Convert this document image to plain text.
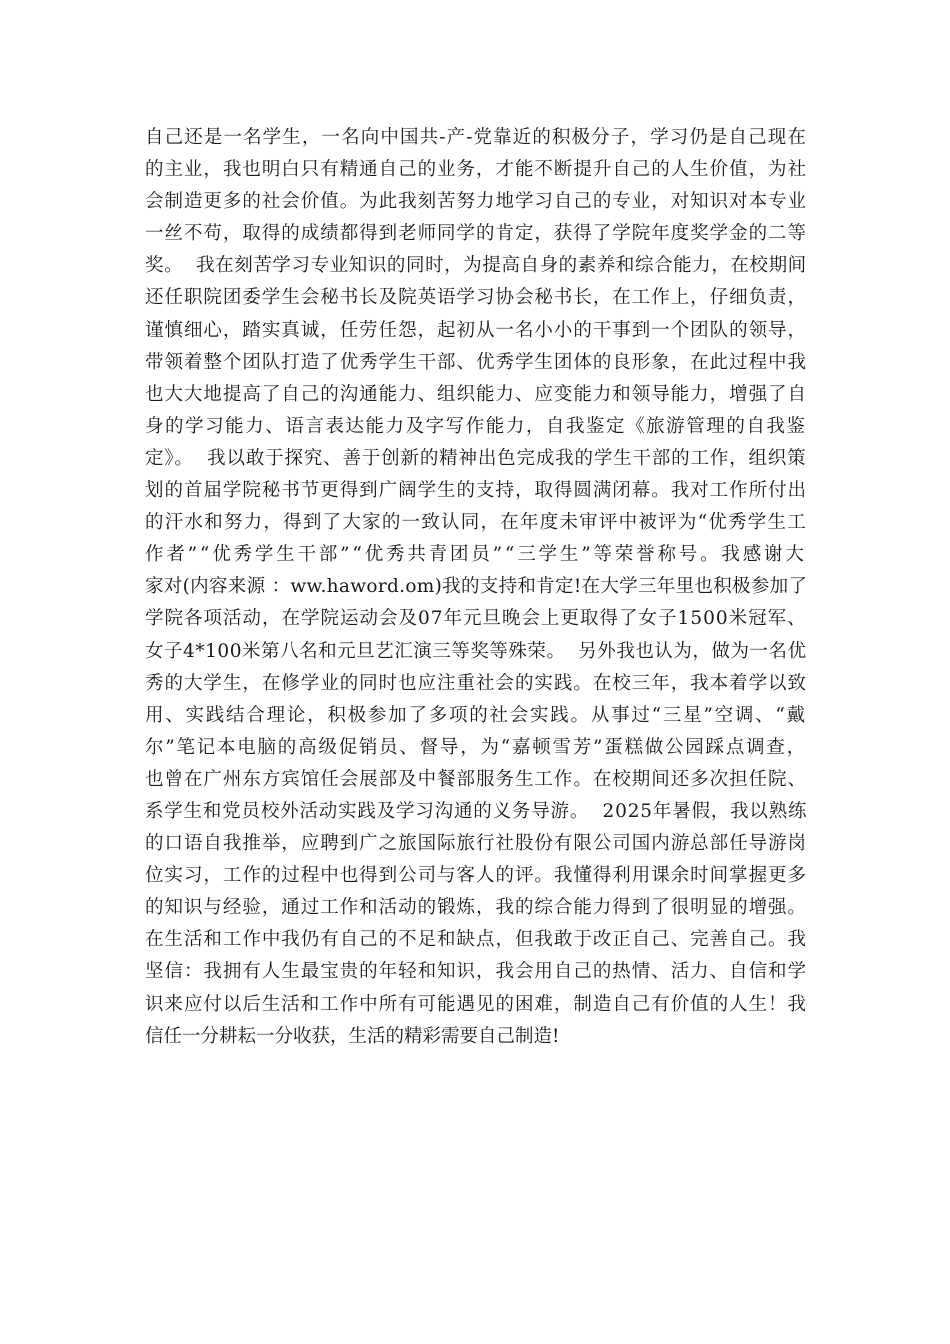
自己还是一名学生，一名向中国共-产-党靠近的积极分子，学习仍是自己现在
的主业，我也明白只有精通自己的业务，才能不断提升自己的人生价值，为社
会制造更多的社会价值。为此我刻苦努力地学习自己的专业，对知识对本专业
一丝不苟，取得的成绩都得到老师同学的肯定，获得了学院年度奖学金的二等
奖。  我在刻苦学习专业知识的同时，为提高自身的素养和综合能力，在校期间
还任职院团委学生会秘书长及院英语学习协会秘书长，在工作上，仔细负责，
谨慎细心，踏实真诚，任劳任怨，起初从一名小小的干事到一个团队的领导，
带领着整个团队打造了优秀学生干部、优秀学生团体的良形象，在此过程中我
也大大地提高了自己的沟通能力、组织能力、应变能力和领导能力，增强了自
身的学习能力、语言表达能力及字写作能力，自我鉴定《旅游管理的自我鉴
定》。  我以敢于探究、善于创新的精神出色完成我的学生干部的工作，组织策
划的首届学院秘书节更得到广阔学生的支持，取得圆满闭幕。我对工作所付出
的汗水和努力，得到了大家的一致认同，在年度未审评中被评为“优秀学生工
作者”“优秀学生干部”“优秀共青团员”“三学生”等荣誉称号。我感谢大
家对(内容来源 ：ww.haword.om)我的支持和肯定!在大学三年里也积极参加了
学院各项活动，在学院运动会及07年元旦晚会上更取得了女子1500米冠军、
女子4*100米第八名和元旦艺汇演三等奖等殊荣。  另外我也认为，做为一名优
秀的大学生，在修学业的同时也应注重社会的实践。在校三年，我本着学以致
用、实践结合理论，积极参加了多项的社会实践。从事过“三星”空调、“戴
尔”笔记本电脑的高级促销员、督导，为“嘉顿雪芳”蛋糕做公园踩点调查，
也曾在广州东方宾馆任会展部及中餐部服务生工作。在校期间还多次担任院、
系学生和党员校外活动实践及学习沟通的义务导游。  2025年暑假，我以熟练
的口语自我推举，应聘到广之旅国际旅行社股份有限公司国内游总部任导游岗
位实习，工作的过程中也得到公司与客人的评。我懂得利用课余时间掌握更多
的知识与经验，通过工作和活动的锻炼，我的综合能力得到了很明显的增强。
在生活和工作中我仍有自己的不足和缺点，但我敢于改正自己、完善自己。我
坚信：我拥有人生最宝贵的年轻和知识，我会用自己的热情、活力、自信和学
识来应付以后生活和工作中所有可能遇见的困难，制造自己有价值的人生！我
信任一分耕耘一分收获，生活的精彩需要自己制造!
